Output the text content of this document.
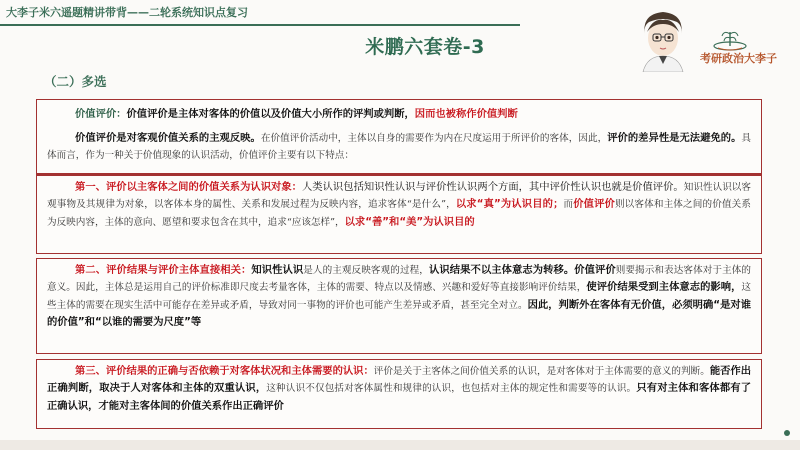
大李子米六遥题精讲带背——二轮系统知识点复习
米鹏六套卷-3
考研政治大李子
（二）多选

价值评价：价值评价是主体对客体的价值以及价值大小所作的评判或判断，因而也被称作价值判断

价值评价是对客观价值关系的主观反映。在价值评价活动中，主体以自身的需要作为内在尺度运用于所评价的客体，因此，评价的差异性是无法避免的。具体而言，作为一种关于价值现象的认识活动，价值评价主要有以下特点：

第一、评价以主客体之间的价值关系为认识对象：人类认识包括知识性认识与评价性认识两个方面，其中评价性认识也就是价值评价。知识性认识以客观事物及其规律为对象，以客体本身的属性、关系和发展过程为反映内容，追求客体“是什么”，以求“真”为认识目的；而价值评价则以客体和主体之间的价值关系为反映内容，主体的意向、愿望和要求包含在其中，追求“应该怎样”，以求“善”和“美”为认识目的

第二、评价结果与评价主体直接相关：知识性认识是人的主观反映客观的过程，认识结果不以主体意志为转移。价值评价则要揭示和表达客体对于主体的意义。因此，主体总是运用自己的评价标准即尺度去考量客体，主体的需要、特点以及情感、兴趣和爱好等直接影响评价结果，使评价结果受到主体意志的影响，这些主体的需要在现实生活中可能存在差异或矛盾，导致对同一事物的评价也可能产生差异或矛盾，甚至完全对立。因此，判断外在客体有无价值，必须明确“是对谁的价值”和“以谁的需要为尺度”等

第三、评价结果的正确与否依赖于对客体状况和主体需要的认识：评价是关于主客体之间价值关系的认识，是对客体对于主体需要的意义的判断。能否作出正确判断，取决于人对客体和主体的双重认识，这种认识不仅包括对客体属性和规律的认识，也包括对主体的规定性和需要等的认识。只有对主体和客体都有了正确认识，才能对主客体间的价值关系作出正确评价
